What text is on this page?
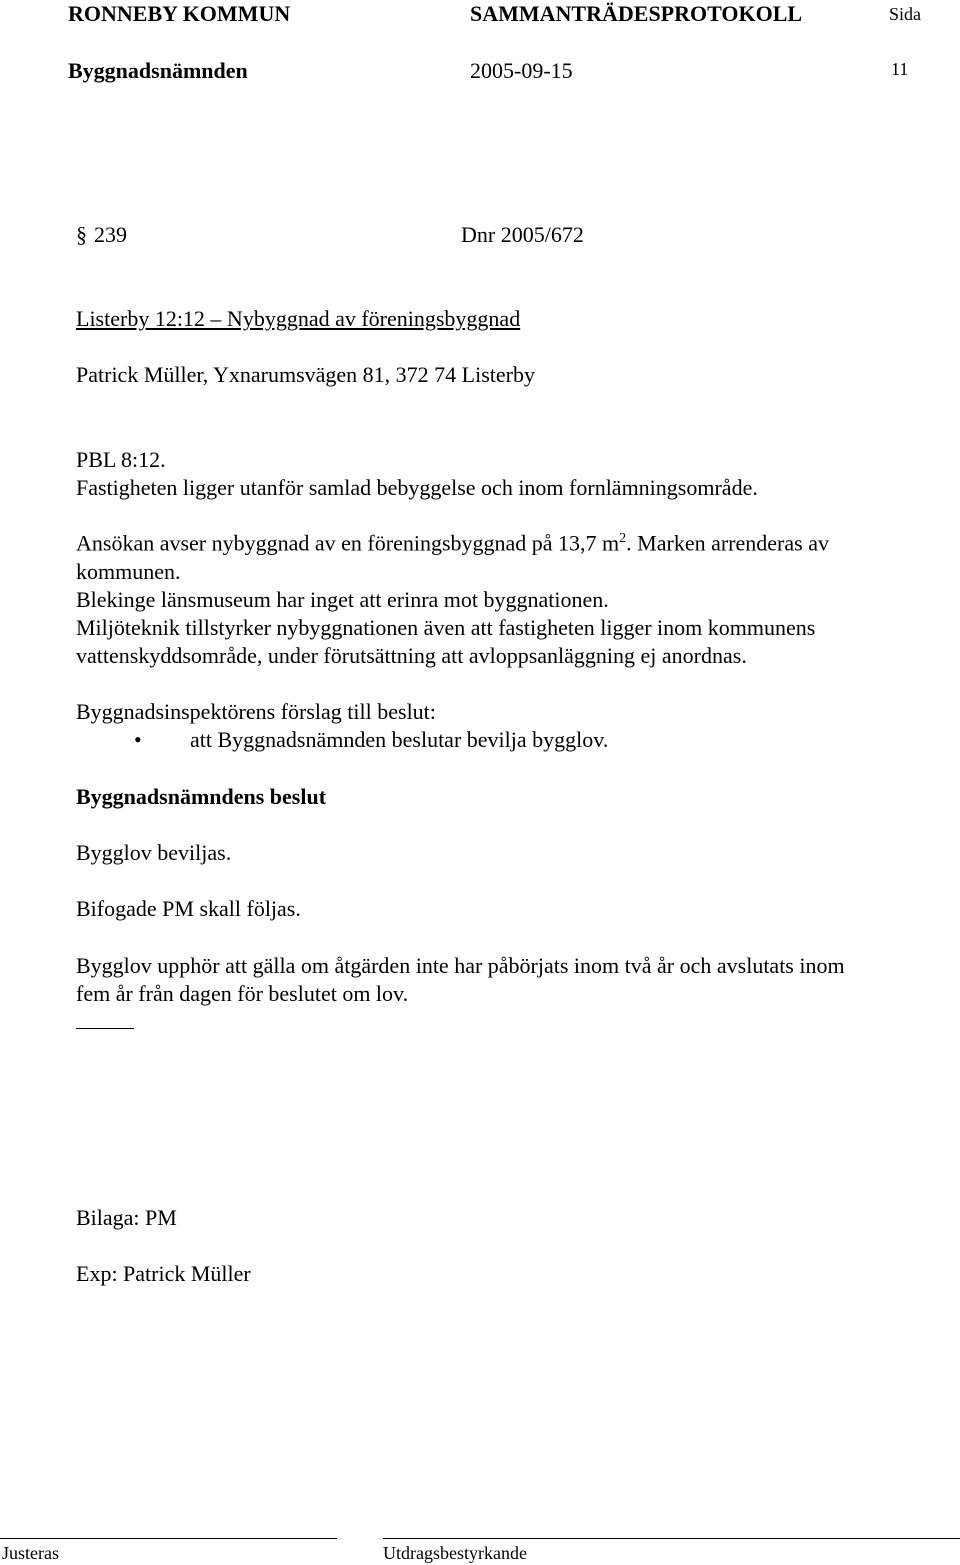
RONNEBY KOMMUN	SAMMANTRÄDESPROTOKOLL	Sida
Byggnadsnämnden	2005-09-15	11
§ 239	Dnr 2005/672
Listerby 12:12 – Nybyggnad av föreningsbyggnad
Patrick Müller, Yxnarumsvägen 81, 372 74 Listerby
PBL 8:12.
Fastigheten ligger utanför samlad bebyggelse och inom fornlämningsområde.
Ansökan avser nybyggnad av en föreningsbyggnad på 13,7 $m^2$. Marken arrenderas av
kommunen.
Blekinge länsmuseum har inget att erinra mot byggnationen.
Miljöteknik tillstyrker nybyggnationen även att fastigheten ligger inom kommunens
vattenskyddsområde, under förutsättning att avloppsanläggning ej anordnas.
Byggnadsinspektörens förslag till beslut:
• att Byggnadsnämnden beslutar bevilja bygglov.
Byggnadsnämndens beslut
Bygglov beviljas.
Bifogade PM skall följas.
Bygglov upphör att gälla om åtgärden inte har påbörjats inom två år och avslutats inom
fem år från dagen för beslutet om lov.
Bilaga: PM
Exp: Patrick Müller
Justeras	Utdragsbestyrkande
